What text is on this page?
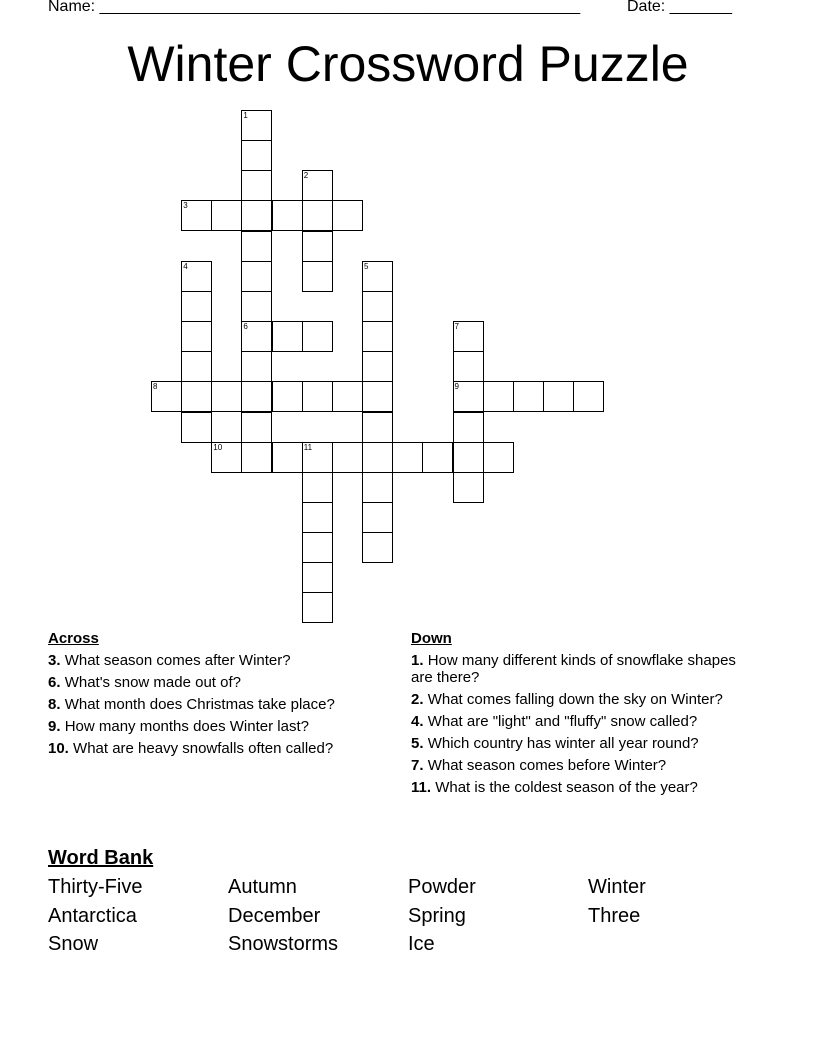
Name: ______________________________________________________	Date: _______
Winter Crossword Puzzle
1
6
2
3
4	5
7
9
8
10	11
Across
3. What season comes after Winter?
6. What's snow made out of?
8. What month does Christmas take place?
9. How many months does Winter last?
10. What are heavy snowfalls often called?
Down
1. How many different kinds of snowflake shapes are there?
2. What comes falling down the sky on Winter?
4. What are "light" and "fluffy" snow called?
5. Which country has winter all year round?
7. What season comes before Winter?
11. What is the coldest season of the year?
Word Bank
Thirty-Five	Autumn	Powder	Winter
Antarctica	December	Spring	Three
Snow	Snowstorms	Ice
